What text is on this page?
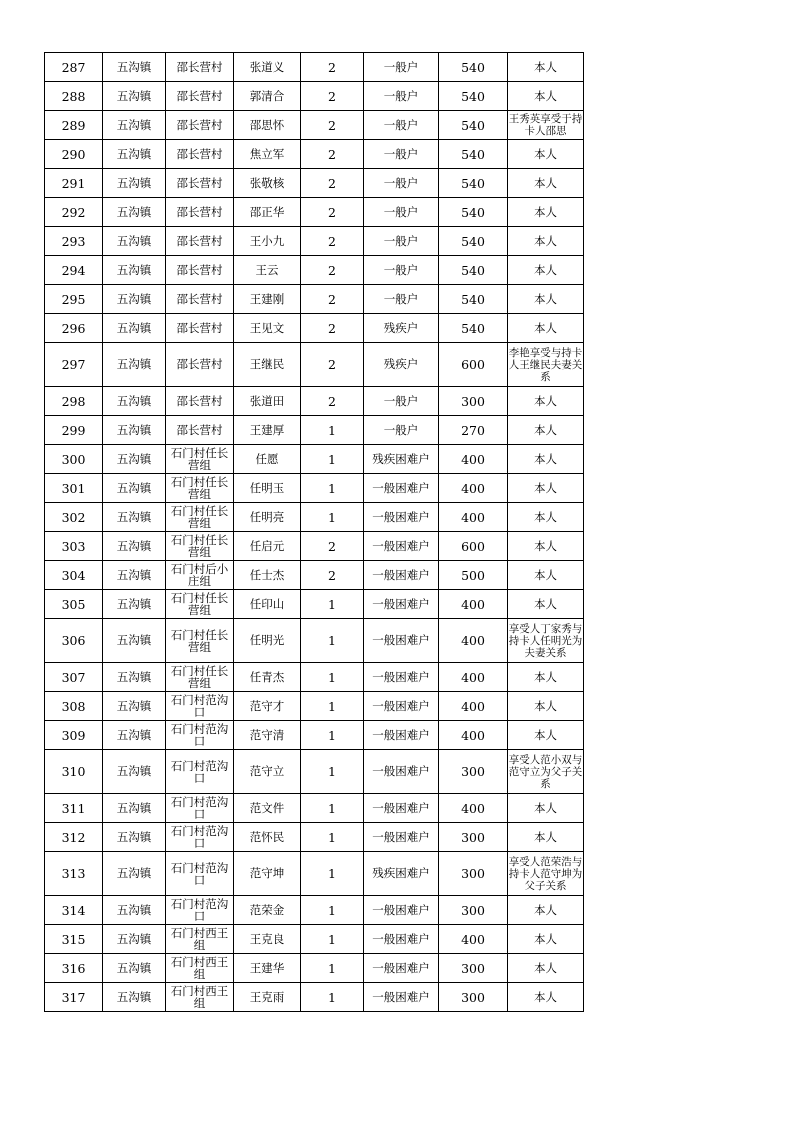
287	五沟镇	邵长营村	张道义	2	一般户	540	本人
288	五沟镇	邵长营村	郭清合	2	一般户	540	本人
289	五沟镇	邵长营村	邵思怀	2	一般户	540	王秀英享受于持卡人邵思
290	五沟镇	邵长营村	焦立军	2	一般户	540	本人
291	五沟镇	邵长营村	张敬核	2	一般户	540	本人
292	五沟镇	邵长营村	邵正华	2	一般户	540	本人
293	五沟镇	邵长营村	王小九	2	一般户	540	本人
294	五沟镇	邵长营村	王云	2	一般户	540	本人
295	五沟镇	邵长营村	王建刚	2	一般户	540	本人
296	五沟镇	邵长营村	王见文	2	残疾户	540	本人
297	五沟镇	邵长营村	王继民	2	残疾户	600	李艳享受与持卡人王继民夫妻关系
298	五沟镇	邵长营村	张道田	2	一般户	300	本人
299	五沟镇	邵长营村	王建厚	1	一般户	270	本人
300	五沟镇	石门村任长营组	任愿	1	残疾困难户	400	本人
301	五沟镇	石门村任长营组	任明玉	1	一般困难户	400	本人
302	五沟镇	石门村任长营组	任明亮	1	一般困难户	400	本人
303	五沟镇	石门村任长营组	任启元	2	一般困难户	600	本人
304	五沟镇	石门村后小庄组	任士杰	2	一般困难户	500	本人
305	五沟镇	石门村任长营组	任印山	1	一般困难户	400	本人
306	五沟镇	石门村任长营组	任明光	1	一般困难户	400	享受人丁家秀与持卡人任明光为夫妻关系
307	五沟镇	石门村任长营组	任青杰	1	一般困难户	400	本人
308	五沟镇	石门村范沟口	范守才	1	一般困难户	400	本人
309	五沟镇	石门村范沟口	范守清	1	一般困难户	400	本人
310	五沟镇	石门村范沟口	范守立	1	一般困难户	300	享受人范小双与范守立为父子关系
311	五沟镇	石门村范沟口	范文件	1	一般困难户	400	本人
312	五沟镇	石门村范沟口	范怀民	1	一般困难户	300	本人
313	五沟镇	石门村范沟口	范守坤	1	残疾困难户	300	享受人范荣浩与持卡人范守坤为父子关系
314	五沟镇	石门村范沟口	范荣金	1	一般困难户	300	本人
315	五沟镇	石门村西王组	王克良	1	一般困难户	400	本人
316	五沟镇	石门村西王组	王建华	1	一般困难户	300	本人
317	五沟镇	石门村西王组	王克雨	1	一般困难户	300	本人
